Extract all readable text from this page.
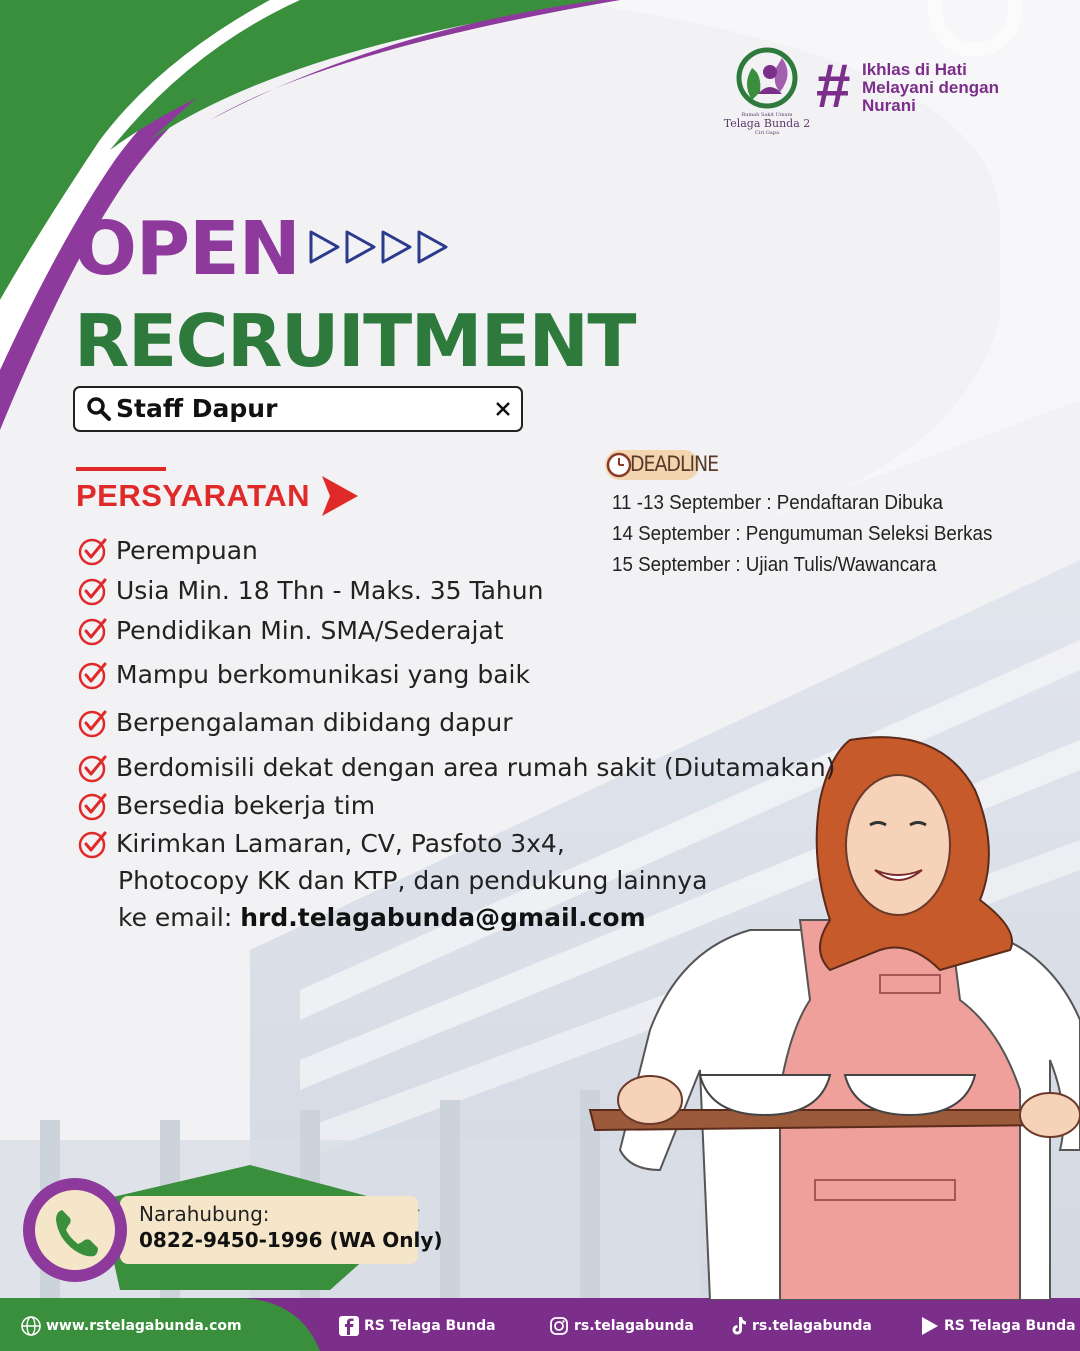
Rumah Sakit Umum
Telaga Bunda 2
Ciri Gapa
# Ikhlas di Hati
Melayani dengan
Nurani
OPEN
RECRUITMENT
Staff Dapur
PERSYARATAN
Perempuan
Usia Min. 18 Thn - Maks. 35 Tahun
Pendidikan Min. SMA/Sederajat
Mampu berkomunikasi yang baik
Berpengalaman dibidang dapur
Berdomisili dekat dengan area rumah sakit (Diutamakan)
Bersedia bekerja tim
Kirimkan Lamaran, CV, Pasfoto 3x4,
Photocopy KK dan KTP, dan pendukung lainnya
ke email: hrd.telagabunda@gmail.com
DEADLINE
11 -13 September : Pendaftaran Dibuka
14 September : Pengumuman Seleksi Berkas
15 September : Ujian Tulis/Wawancara
Narahubung:
0822-9450-1996 (WA Only)
www.rstelagabunda.com	RS Telaga Bunda	rs.telagabunda	rs.telagabunda	RS Telaga Bunda
